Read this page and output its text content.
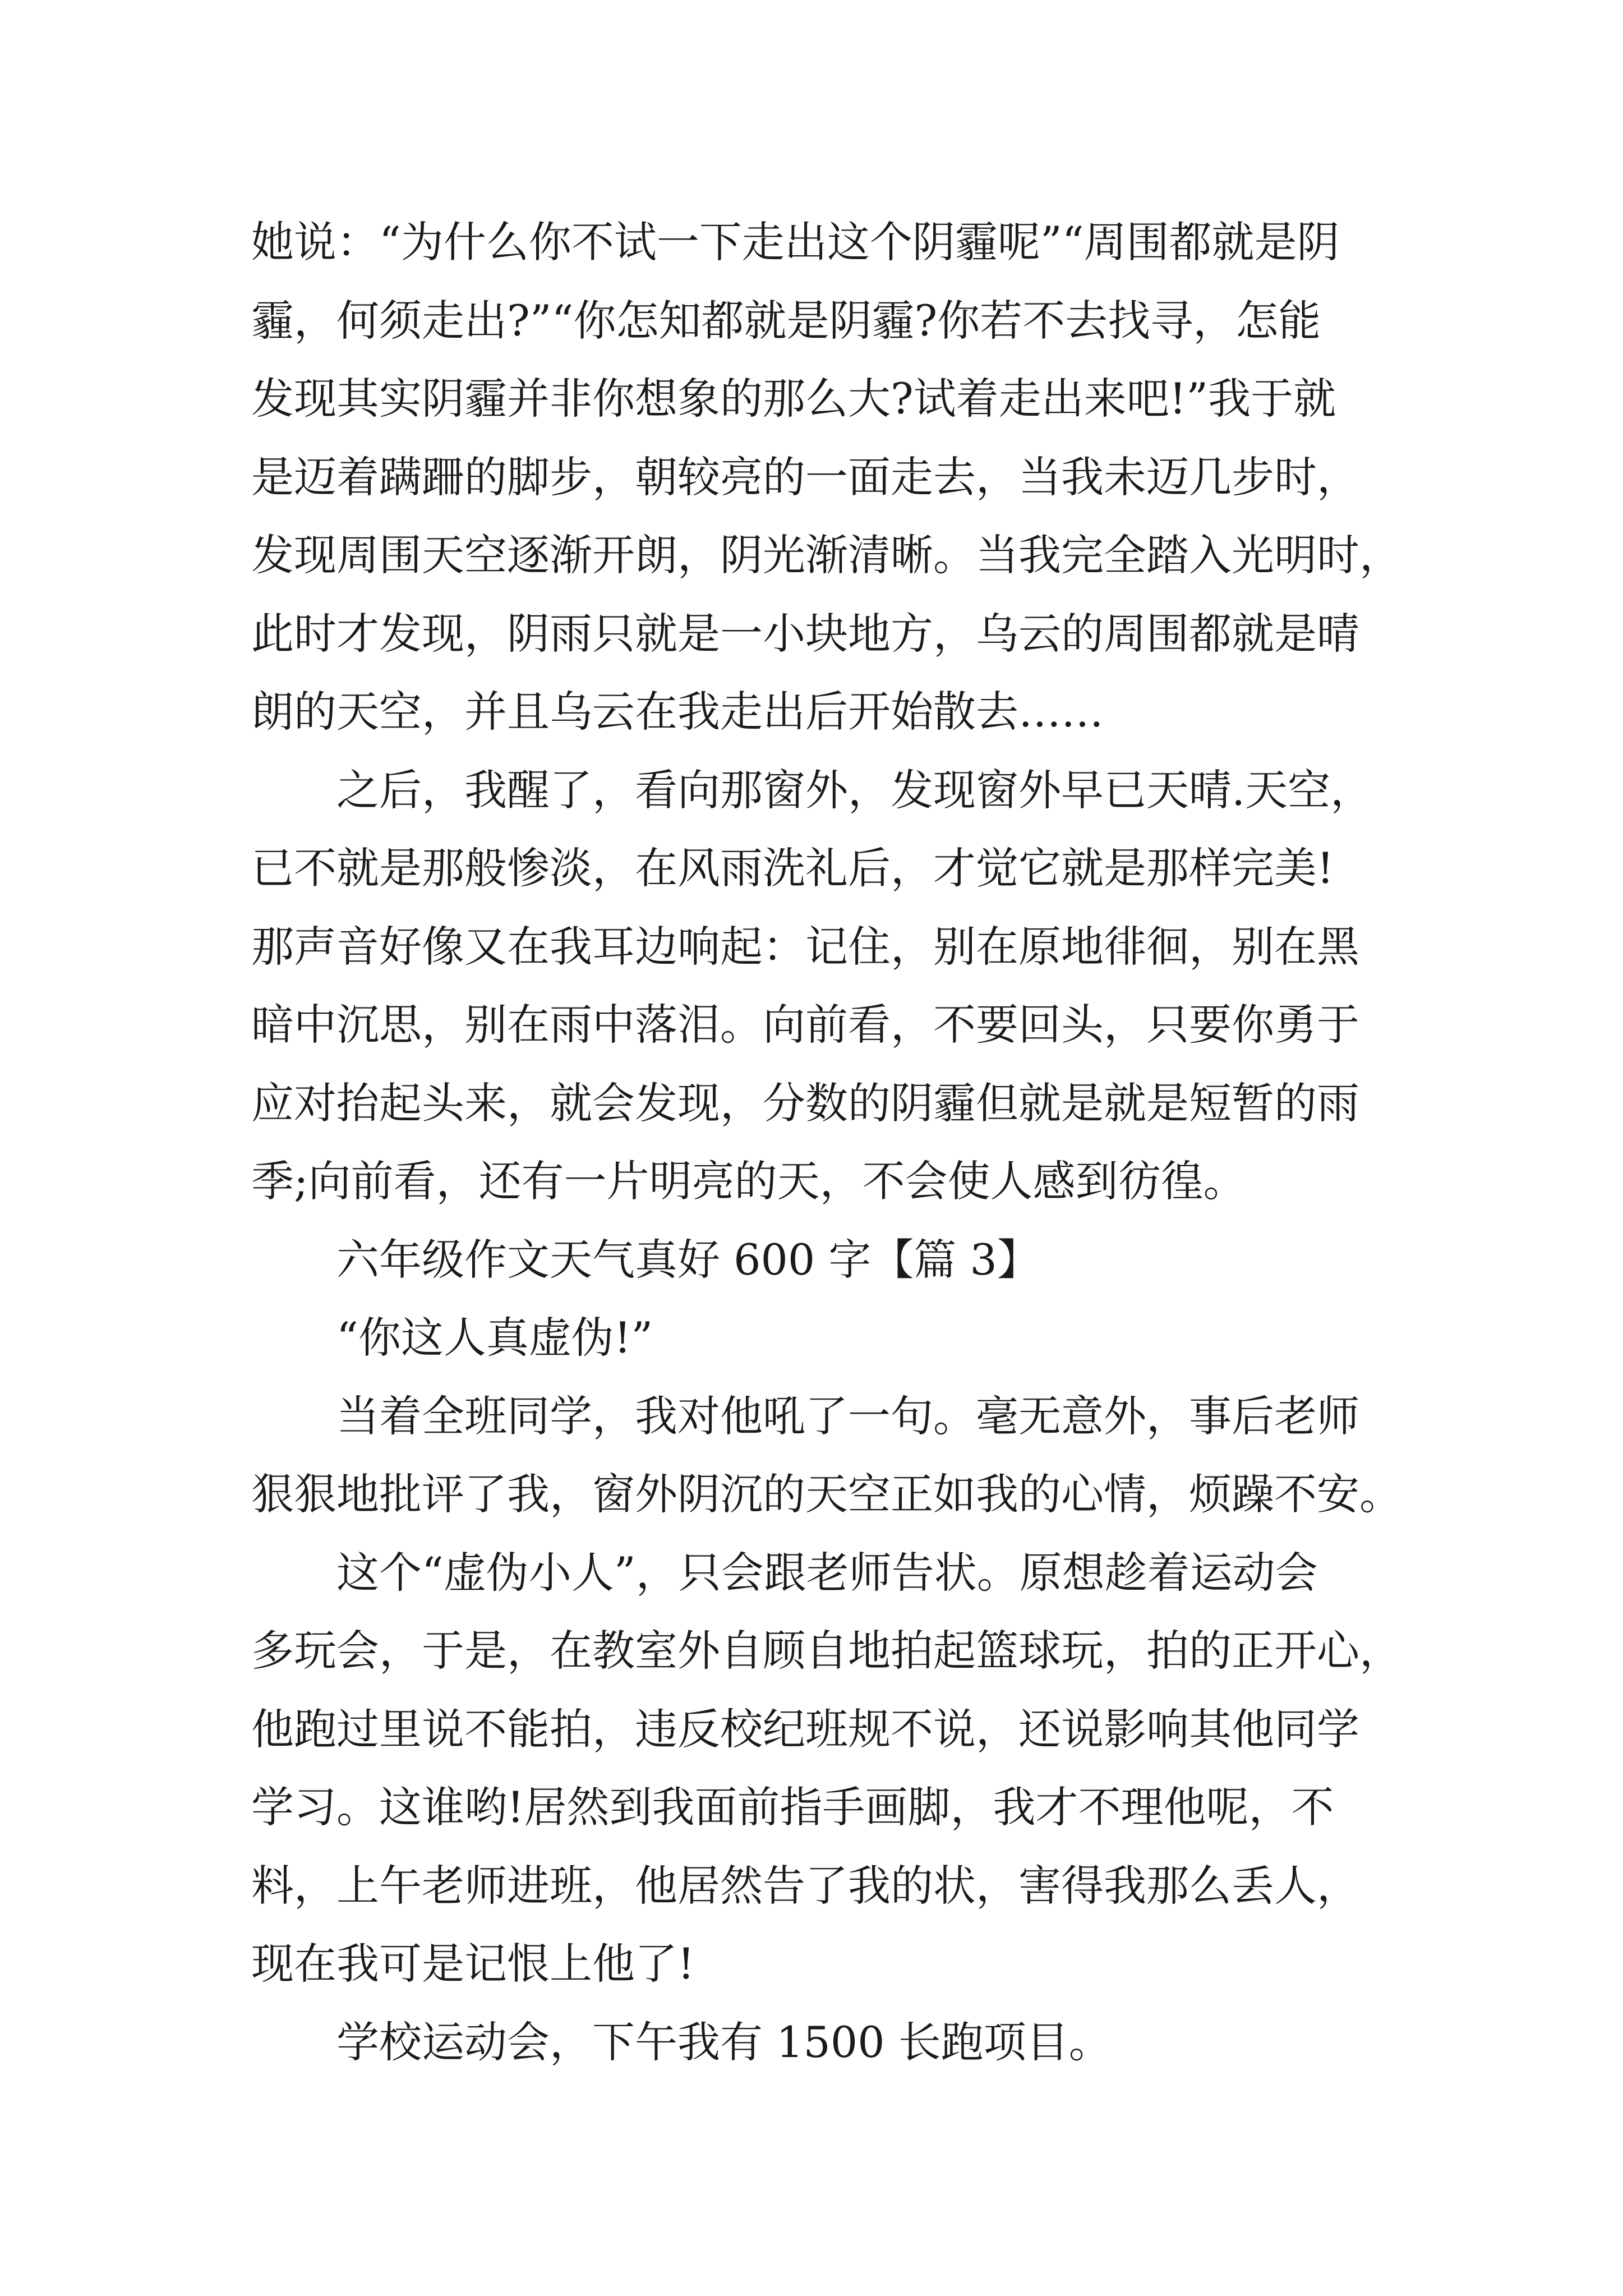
她说：“为什么你不试一下走出这个阴霾呢”“周围都就是阴
霾，何须走出?”“你怎知都就是阴霾?你若不去找寻，怎能
发现其实阴霾并非你想象的那么大?试着走出来吧!”我于就
是迈着蹒跚的脚步，朝较亮的一面走去，当我未迈几步时，
发现周围天空逐渐开朗，阴光渐清晰。当我完全踏入光明时，
此时才发现，阴雨只就是一小块地方，乌云的周围都就是晴
朗的天空，并且乌云在我走出后开始散去……
之后，我醒了，看向那窗外，发现窗外早已天晴.天空，
已不就是那般惨淡，在风雨洗礼后，才觉它就是那样完美!
那声音好像又在我耳边响起：记住，别在原地徘徊，别在黑
暗中沉思，别在雨中落泪。向前看，不要回头，只要你勇于
应对抬起头来，就会发现，分数的阴霾但就是就是短暂的雨
季;向前看，还有一片明亮的天，不会使人感到彷徨。
六年级作文天气真好 600 字【篇 3】
“你这人真虚伪!”
当着全班同学，我对他吼了一句。毫无意外，事后老师
狠狠地批评了我，窗外阴沉的天空正如我的心情，烦躁不安。
这个“虚伪小人”，只会跟老师告状。原想趁着运动会
多玩会，于是，在教室外自顾自地拍起篮球玩，拍的正开心，
他跑过里说不能拍，违反校纪班规不说，还说影响其他同学
学习。这谁哟!居然到我面前指手画脚，我才不理他呢，不
料，上午老师进班，他居然告了我的状，害得我那么丢人，
现在我可是记恨上他了!
学校运动会，下午我有 1500 长跑项目。
